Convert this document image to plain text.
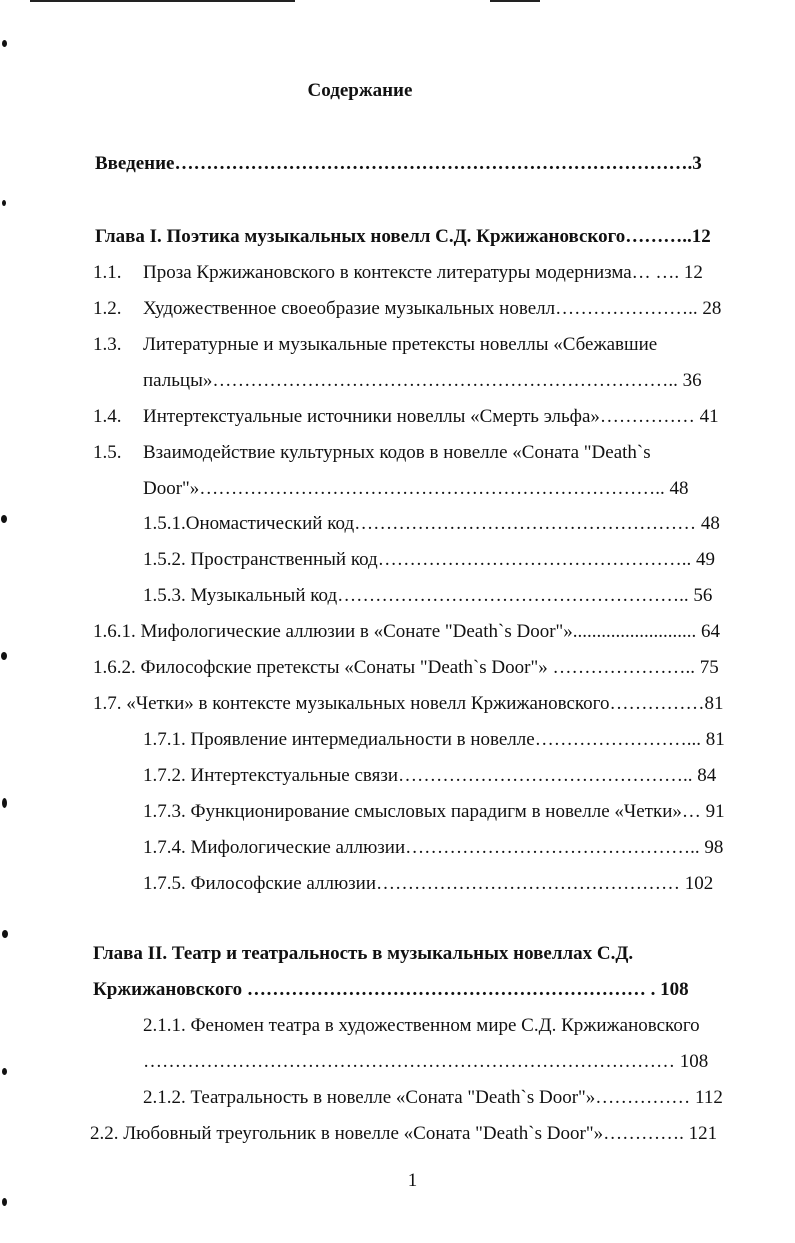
Содержание
Введение……………………………………………………………………….3
Глава I. Поэтика музыкальных новелл С.Д. Кржижановского………..12
1.1. Проза Кржижановского в контексте литературы модернизма… …. 12
1.2. Художественное своеобразие музыкальных новелл………………….. 28
1.3. Литературные и музыкальные претексты новеллы «Сбежавшие
пальцы»……………………………………………………………….. 36
1.4. Интертекстуальные источники новеллы «Смерть эльфа»…………… 41
1.5. Взаимодействие культурных кодов в новелле «Соната "Death`s
Door"»……………………………………………………………….. 48
1.5.1.Ономастический код……………………………………………… 48
1.5.2. Пространственный код………………………………………….. 49
1.5.3. Музыкальный код……………………………………………….. 56
1.6.1. Мифологические аллюзии в «Сонате "Death`s Door"».......................... 64
1.6.2. Философские претексты «Сонаты "Death`s Door"» ………………….. 75
1.7. «Четки» в контексте музыкальных новелл Кржижановского……………81
1.7.1. Проявление интермедиальности в новелле……………………... 81
1.7.2. Интертекстуальные связи……………………………………….. 84
1.7.3. Функционирование смысловых парадигм в новелле «Четки»… 91
1.7.4. Мифологические аллюзии……………………………………….. 98
1.7.5. Философские аллюзии………………………………………… 102
Глава II. Театр и театральность в музыкальных новеллах С.Д.
Кржижановского ……………………………………………………… . 108
2.1.1. Феномен театра в художественном мире С.Д. Кржижановского
………………………………………………………………………… 108
2.1.2. Театральность в новелле «Соната "Death`s Door"»…………… 112
2.2. Любовный треугольник в новелле «Соната "Death`s Door"»…………. 121
1
